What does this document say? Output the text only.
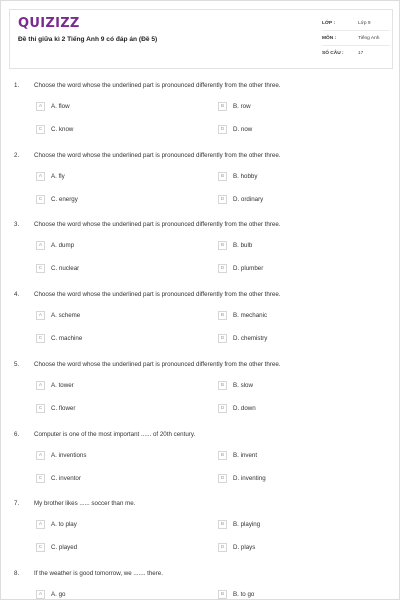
QUIZIZZ
Đề thi giữa kì 2 Tiếng Anh 9 có đáp án (Đề 5)
LỚP :	Lớp 9
MÔN :	Tiếng Anh
SỐ CÂU :	17
1. Choose the word whose the underlined part is pronounced differently from the other three.
A	A. flow	B	B. row
C	C. know	D	D. now
2. Choose the word whose the underlined part is pronounced differently from the other three.
A	A. fly	B	B. hobby
C	C. energy	D	D. ordinary
3. Choose the word whose the underlined part is pronounced differently from the other three.
A	A. dump	B	B. bulb
C	C. nuclear	D	D. plumber
4. Choose the word whose the underlined part is pronounced differently from the other three.
A	A. scheme	B	B. mechanic
C	C. machine	D	D. chemistry
5. Choose the word whose the underlined part is pronounced differently from the other three.
A	A. tower	B	B. slow
C	C. flower	D	D. down
6. Computer is one of the most important ...... of 20th century.
A	A. inventions	B	B. invent
C	C. inventor	D	D. inventing
7. My brother likes ...... soccer than me.
A	A. to play	B	B. playing
C	C. played	D	D. plays
8. If the weather is good tomorrow, we ....... there.
A	A. go	B	B. to go
